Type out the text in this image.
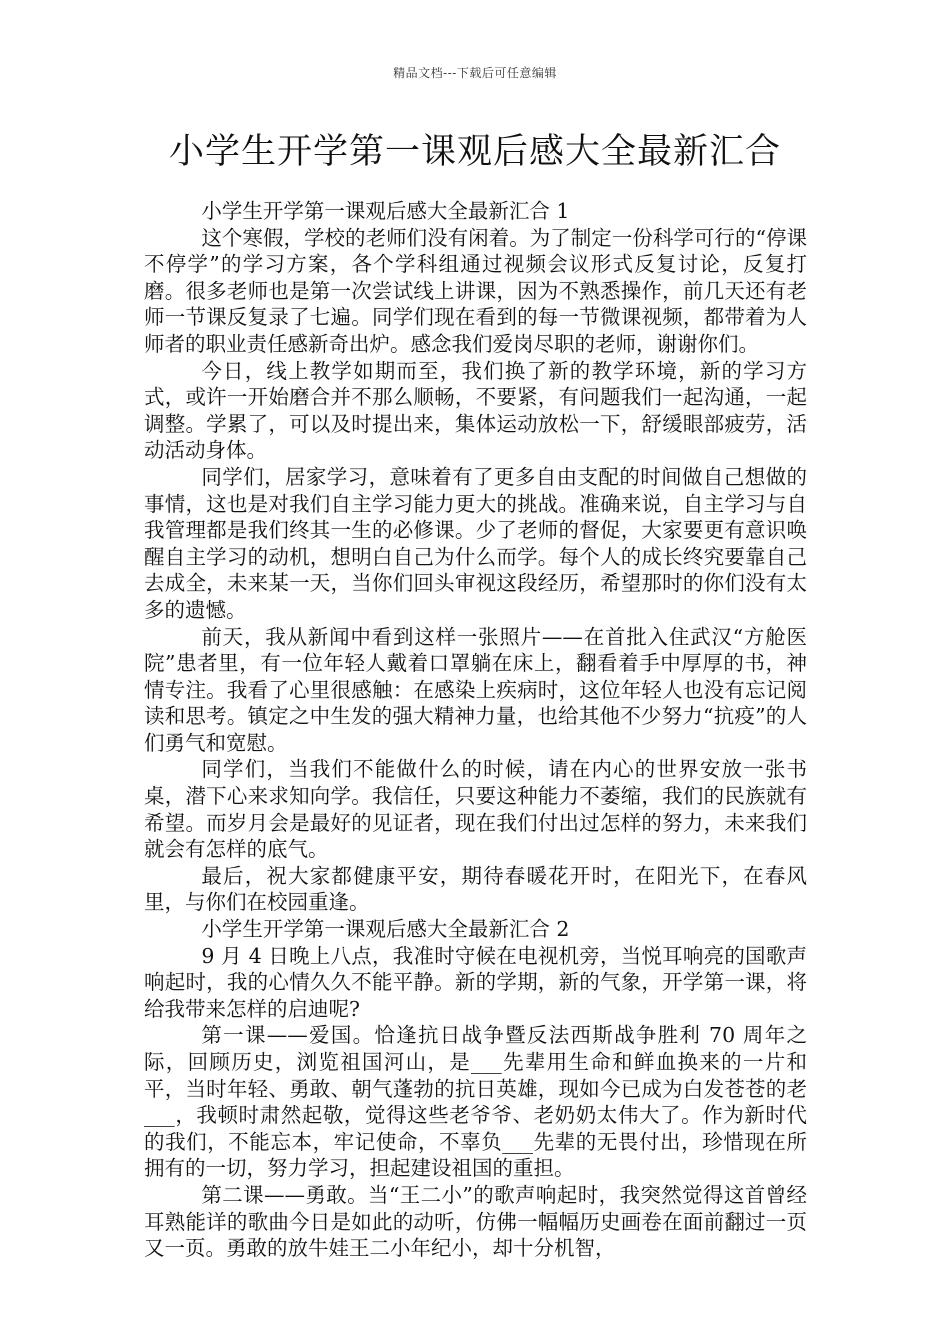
精品文档---下载后可任意编辑
小学生开学第一课观后感大全最新汇合

小学生开学第一课观后感大全最新汇合 1

这个寒假，学校的老师们没有闲着。为了制定一份科学可行的“停课不停学”的学习方案，各个学科组通过视频会议形式反复讨论，反复打磨。很多老师也是第一次尝试线上讲课，因为不熟悉操作，前几天还有老师一节课反复录了七遍。同学们现在看到的每一节微课视频，都带着为人师者的职业责任感新奇出炉。感念我们爱岗尽职的老师，谢谢你们。

今日，线上教学如期而至，我们换了新的教学环境，新的学习方式，或许一开始磨合并不那么顺畅，不要紧，有问题我们一起沟通，一起调整。学累了，可以及时提出来，集体运动放松一下，舒缓眼部疲劳，活动活动身体。

同学们，居家学习，意味着有了更多自由支配的时间做自己想做的事情，这也是对我们自主学习能力更大的挑战。准确来说，自主学习与自我管理都是我们终其一生的必修课。少了老师的督促，大家要更有意识唤醒自主学习的动机，想明白自己为什么而学。每个人的成长终究要靠自己去成全，未来某一天，当你们回头审视这段经历，希望那时的你们没有太多的遗憾。

前天，我从新闻中看到这样一张照片——在首批入住武汉“方舱医院”患者里，有一位年轻人戴着口罩躺在床上，翻看着手中厚厚的书，神情专注。我看了心里很感触：在感染上疾病时，这位年轻人也没有忘记阅读和思考。镇定之中生发的强大精神力量，也给其他不少努力“抗疫”的人们勇气和宽慰。

同学们，当我们不能做什么的时候，请在内心的世界安放一张书桌，潜下心来求知向学。我信任，只要这种能力不萎缩，我们的民族就有希望。而岁月会是最好的见证者，现在我们付出过怎样的努力，未来我们就会有怎样的底气。

最后，祝大家都健康平安，期待春暖花开时，在阳光下，在春风里，与你们在校园重逢。

小学生开学第一课观后感大全最新汇合 2

9 月 4 日晚上八点，我准时守候在电视机旁，当悦耳响亮的国歌声响起时，我的心情久久不能平静。新的学期，新的气象，开学第一课，将给我带来怎样的启迪呢?

第一课——爱国。恰逢抗日战争暨反法西斯战争胜利 70 周年之际，回顾历史，浏览祖国河山，是___先辈用生命和鲜血换来的一片和平，当时年轻、勇敢、朝气蓬勃的抗日英雄，现如今已成为白发苍苍的老___，我顿时肃然起敬，觉得这些老爷爷、老奶奶太伟大了。作为新时代的我们，不能忘本，牢记使命，不辜负___先辈的无畏付出，珍惜现在所拥有的一切，努力学习，担起建设祖国的重担。

第二课——勇敢。当“王二小”的歌声响起时，我突然觉得这首曾经耳熟能详的歌曲今日是如此的动听，仿佛一幅幅历史画卷在面前翻过一页又一页。勇敢的放牛娃王二小年纪小，却十分机智，
